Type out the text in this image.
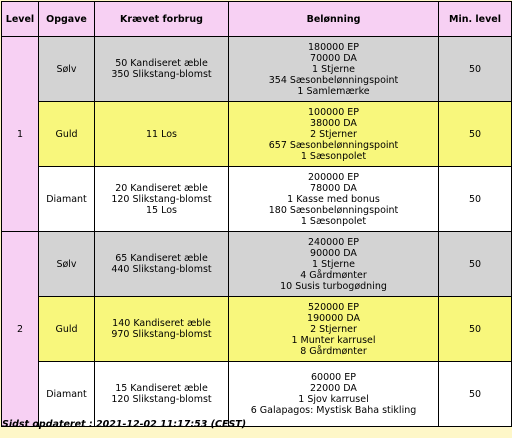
Level	Opgave	Krævet forbrug	Belønning	Min. level
1	Sølv	50 Kandiseret æble
350 Slikstang-blomst	180000 EP
70000 DA
1 Stjerne
354 Sæsonbelønningspoint
1 Samlemærke	50
	Guld	11 Los	100000 EP
38000 DA
2 Stjerner
657 Sæsonbelønningspoint
1 Sæsonpolet	50
	Diamant	20 Kandiseret æble
120 Slikstang-blomst
15 Los	200000 EP
78000 DA
1 Kasse med bonus
180 Sæsonbelønningspoint
1 Sæsonpolet	50
2	Sølv	65 Kandiseret æble
440 Slikstang-blomst	240000 EP
90000 DA
1 Stjerne
4 Gårdmønter
10 Susis turbogødning	50
	Guld	140 Kandiseret æble
970 Slikstang-blomst	520000 EP
190000 DA
2 Stjerner
1 Munter karrusel
8 Gårdmønter	50
	Diamant	15 Kandiseret æble
120 Slikstang-blomst	60000 EP
22000 DA
1 Sjov karrusel
6 Galapagos: Mystisk Baha stikling	50
Sidst opdateret : 2021-12-02 11:17:53 (CEST)
